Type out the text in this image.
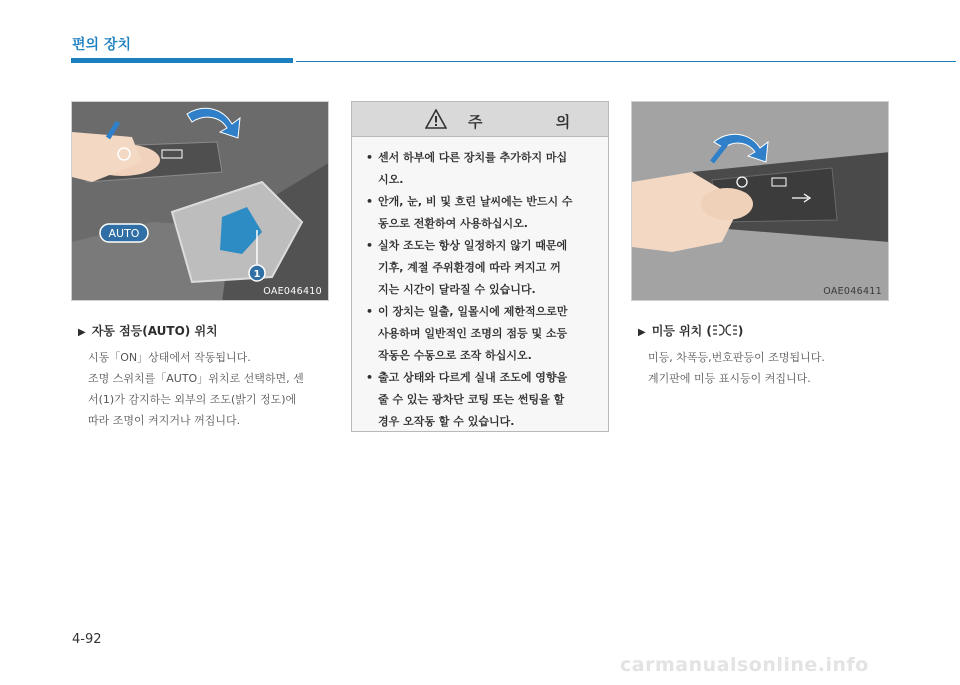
편의 장치
AUTO
1
OAE046410
▶ 자동 점등(AUTO) 위치

시동「ON」상태에서 작동됩니다.

조명 스위치를「AUTO」위치로 선택하면, 센

서(1)가 감지하는 외부의 조도(밝기 정도)에

따라 조명이 켜지거나 꺼집니다.

주 의
• 센서 하부에 다른 장치를 추가하지 마십
시오.
• 안개, 눈, 비 및 흐린 날씨에는 반드시 수
동으로 전환하여 사용하십시오.
• 실차 조도는 항상 일정하지 않기 때문에
기후, 계절 주위환경에 따라 켜지고 꺼
지는 시간이 달라질 수 있습니다.
• 이 장치는 일출, 일몰시에 제한적으로만
사용하며 일반적인 조명의 점등 및 소등
작동은 수동으로 조작 하십시오.
• 출고 상태와 다르게 실내 조도에 영향을
줄 수 있는 광차단 코팅 또는 썬팅을 할
경우 오작동 할 수 있습니다.
OAE046411
▶ 미등 위치 ( )

미등, 차폭등,번호판등이 조명됩니다.

계기판에 미등 표시등이 켜집니다.

4-92
carmanualsonline.info
